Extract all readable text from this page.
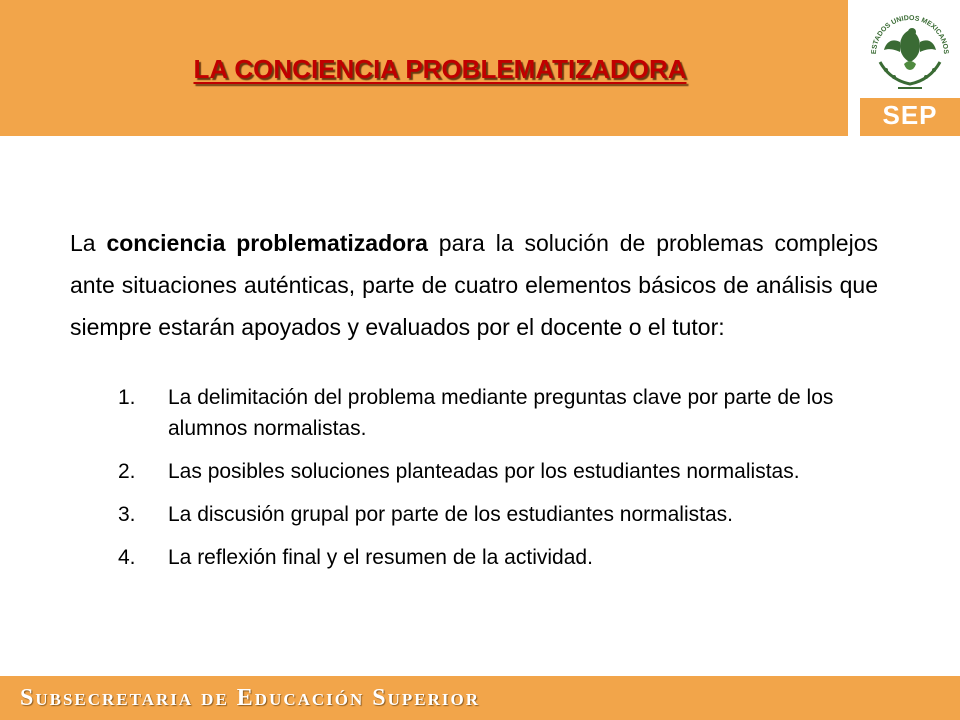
LA CONCIENCIA PROBLEMATIZADORA
ESTADOS UNIDOS MEXICANOS
SEP
La conciencia problematizadora para la solución de problemas complejos ante situaciones auténticas, parte de cuatro elementos básicos de análisis que siempre estarán apoyados y evaluados por el docente o el tutor:
1. La delimitación del problema mediante preguntas clave por parte de los alumnos normalistas.
2. Las posibles soluciones planteadas por los estudiantes normalistas.
3. La discusión grupal por parte de los estudiantes normalistas.
4. La reflexión final y el resumen de la actividad.
Subsecretaria de Educación Superior
